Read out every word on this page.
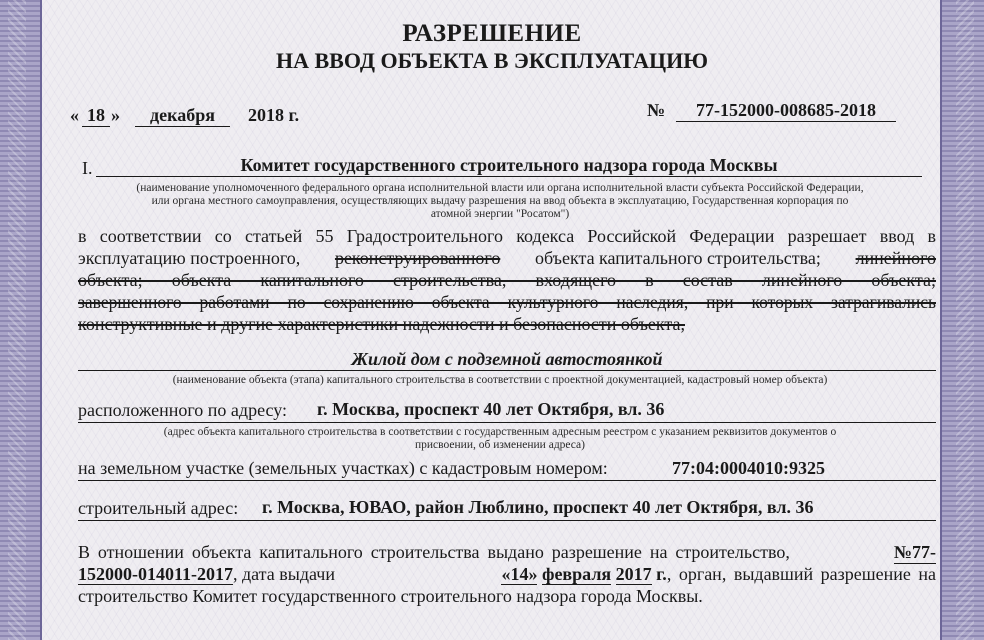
РАЗРЕШЕНИЕ
НА ВВОД ОБЪЕКТА В ЭКСПЛУАТАЦИЮ
« 18 »	декабря	2018 г.	№	77-152000-008685-2018
I.	Комитет государственного строительного надзора города Москвы
(наименование уполномоченного федерального органа исполнительной власти или органа исполнительной власти субъекта Российской Федерации,
или органа местного самоуправления, осуществляющих выдачу разрешения на ввод объекта в эксплуатацию, Государственная корпорация по
атомной энергии "Росатом")
в соответствии со статьей 55 Градостроительного кодекса Российской Федерации разрешает ввод в
эксплуатацию построенного, реконструированного объекта капитального строительства; линейного
объекта; объекта капитального строительства, входящего в состав линейного объекта;
завершенного работами по сохранению объекта культурного наследия, при которых затрагивались
конструктивные и другие характеристики надежности и безопасности объекта,
Жилой дом с подземной автостоянкой
(наименование объекта (этапа) капитального строительства в соответствии с проектной документацией, кадастровый номер объекта)
расположенного по адресу: г. Москва, проспект 40 лет Октября, вл. 36
(адрес объекта капитального строительства в соответствии с государственным адресным реестром с указанием реквизитов документов о
присвоении, об изменении адреса)
на земельном участке (земельных участках) с кадастровым номером:	77:04:0004010:9325
строительный адрес: г. Москва, ЮВАО, район Люблино, проспект 40 лет Октября, вл. 36
В отношении объекта капитального строительства выдано разрешение на строительство,	№77-
152000-014011-2017, дата выдачи	«14» февраля 2017 г., орган, выдавший разрешение на
строительство Комитет государственного строительного надзора города Москвы.
